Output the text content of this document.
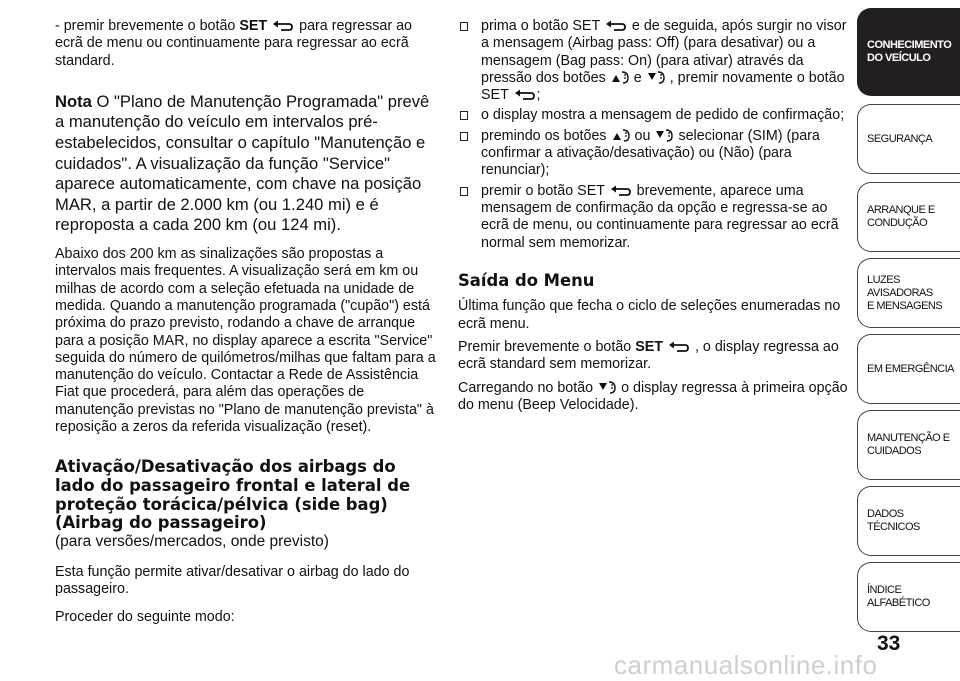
- premir brevemente o botão SET
para regressar ao ecrã de menu ou continuamente para regressar ao ecrã standard.

Nota O "Plano de Manutenção Programada" prevê a manutenção do veículo em intervalos pré-estabelecidos, consultar o capítulo "Manutenção e cuidados". A visualização da função "Service" aparece automaticamente, com chave na posição MAR, a partir de 2.000 km (ou 1.240 mi) e é reproposta a cada 200 km (ou 124 mi).

Abaixo dos 200 km as sinalizações são propostas a intervalos mais frequentes. A visualização será em km ou milhas de acordo com a seleção efetuada na unidade de medida. Quando a manutenção programada ("cupão") está próxima do prazo previsto, rodando a chave de arranque para a posição MAR, no display aparece a escrita "Service" seguida do número de quilómetros/milhas que faltam para a manutenção do veículo. Contactar a Rede de Assistência Fiat que procederá, para além das operações de manutenção previstas no "Plano de manutenção prevista" à reposição a zeros da referida visualização (reset).

Ativação/Desativação dos airbags do lado do passageiro frontal e lateral de proteção torácica/pélvica (side bag) (Airbag do passageiro)

(para versões/mercados, onde previsto)

Esta função permite ativar/desativar o airbag do lado do passageiro.

Proceder do seguinte modo:

prima o botão SET
e de seguida, após surgir no visor a mensagem (Airbag pass: Off) (para desativar) ou a mensagem (Bag pass: On) (para ativar) através da pressão dos botões
e , premir novamente o botão SET
;
o display mostra a mensagem de pedido de confirmação;
premindo os botões
ou selecionar (SIM) (para confirmar a ativação/desativação) ou (Não) (para renunciar);
premir o botão SET
brevemente, aparece uma mensagem de confirmação da opção e regressa-se ao ecrã de menu, ou continuamente para regressar ao ecrã normal sem memorizar.

Saída do Menu

Última função que fecha o ciclo de seleções enumeradas no ecrã menu.

Premir brevemente o botão SET
, o display regressa ao ecrã standard sem memorizar.

Carregando no botão
o display regressa à primeira opção do menu (Beep Velocidade).

CONHECIMENTO
DO VEÍCULO
SEGURANÇA
ARRANQUE E
CONDUÇÃO
LUZES AVISADORAS
E MENSAGENS
EM EMERGÊNCIA
MANUTENÇÃO E
CUIDADOS
DADOS TÉCNICOS
ÍNDICE ALFABÉTICO
33
carmanualsonline.info
